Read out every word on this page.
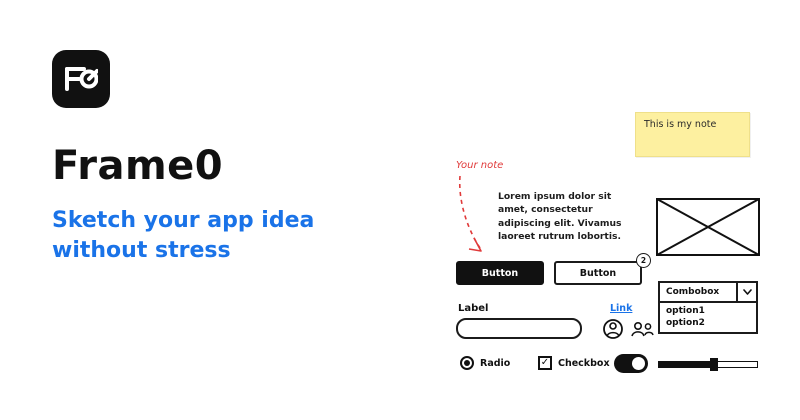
Frame0
Sketch your app idea
without stress
This is my note
Your note
Lorem ipsum dolor sit amet, consectetur adipiscing elit. Vivamus laoreet rutrum lobortis.
Button	Button
2
Combobox
option1
option2
Label	Link
Radio	✓ Checkbox
